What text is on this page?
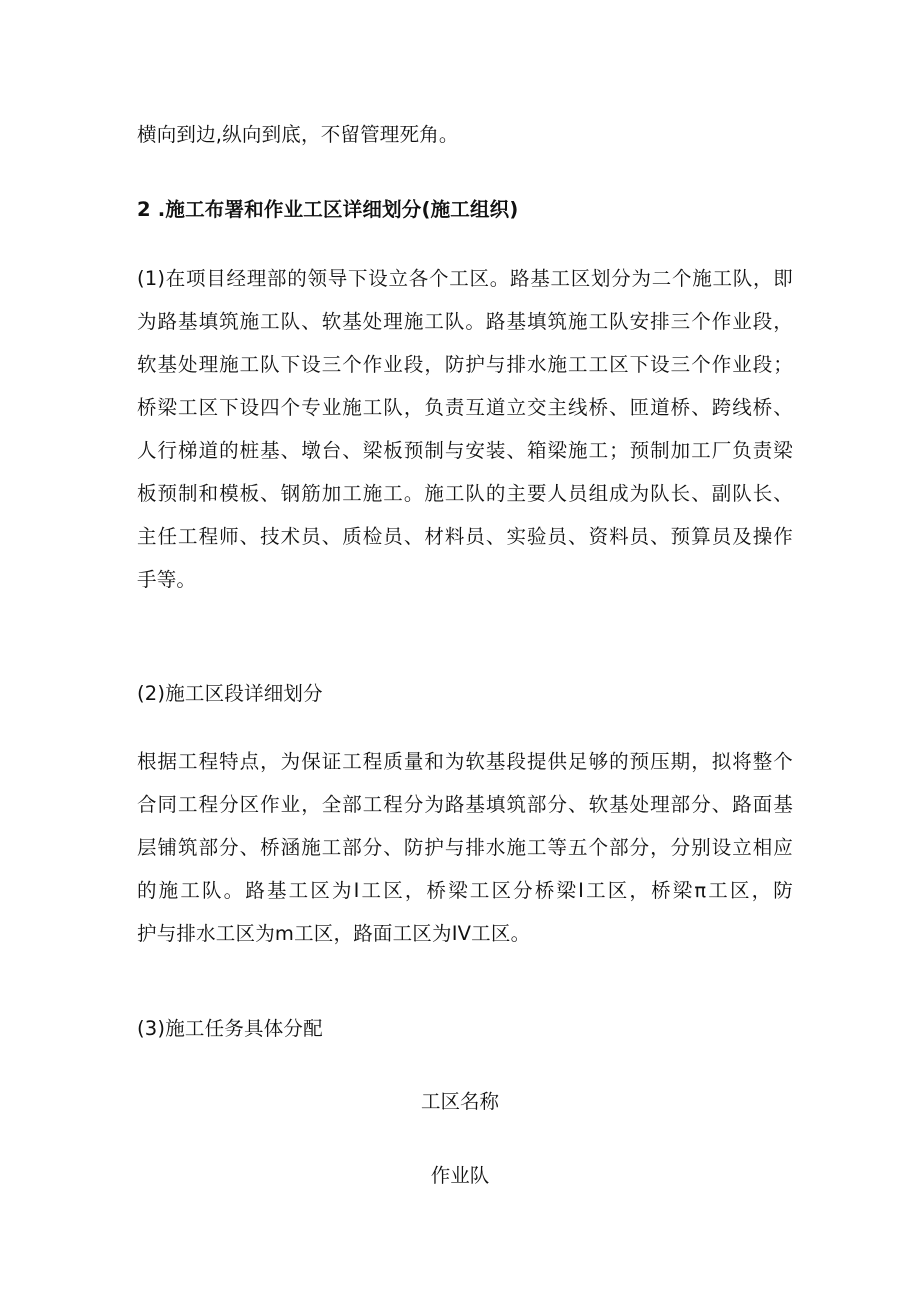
横向到边,纵向到底，不留管理死角。

2 .施工布署和作业工区详细划分(施工组织)

(1)在项目经理部的领导下设立各个工区。路基工区划分为二个施工队，即
为路基填筑施工队、软基处理施工队。路基填筑施工队安排三个作业段，
软基处理施工队下设三个作业段，防护与排水施工工区下设三个作业段；
桥梁工区下设四个专业施工队，负责互道立交主线桥、匝道桥、跨线桥、
人行梯道的桩基、墩台、梁板预制与安装、箱梁施工；预制加工厂负责梁
板预制和模板、钢筋加工施工。施工队的主要人员组成为队长、副队长、
主任工程师、技术员、质检员、材料员、实验员、资料员、预算员及操作
手等。

(2)施工区段详细划分

根据工程特点，为保证工程质量和为软基段提供足够的预压期，拟将整个
合同工程分区作业，全部工程分为路基填筑部分、软基处理部分、路面基
层铺筑部分、桥涵施工部分、防护与排水施工等五个部分，分别设立相应
的施工队。路基工区为I工区，桥梁工区分桥梁I工区，桥梁π工区，防
护与排水工区为m工区，路面工区为IV工区。

(3)施工任务具体分配

工区名称
作业队
